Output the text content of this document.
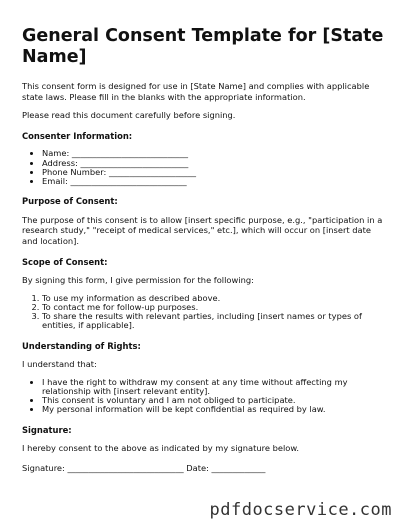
General Consent Template for [State Name]

This consent form is designed for use in [State Name] and complies with applicable state laws. Please fill in the blanks with the appropriate information.

Please read this document carefully before signing.

Consenter Information:
• Name: ____________________________
• Address: __________________________
• Phone Number: _____________________
• Email: ____________________________
Purpose of Consent:

The purpose of this consent is to allow [insert specific purpose, e.g., "participation in a research study," "receipt of medical services," etc.], which will occur on [insert date and location].

Scope of Consent:

By signing this form, I give permission for the following:

1. To use my information as described above.
2. To contact me for follow-up purposes.
3. To share the results with relevant parties, including [insert names or types of entities, if applicable].
Understanding of Rights:

I understand that:

• I have the right to withdraw my consent at any time without affecting my relationship with [insert relevant entity].
• This consent is voluntary and I am not obliged to participate.
• My personal information will be kept confidential as required by law.
Signature:

I hereby consent to the above as indicated by my signature below.

Signature: ____________________________ Date: _____________
pdfdocservice.com
